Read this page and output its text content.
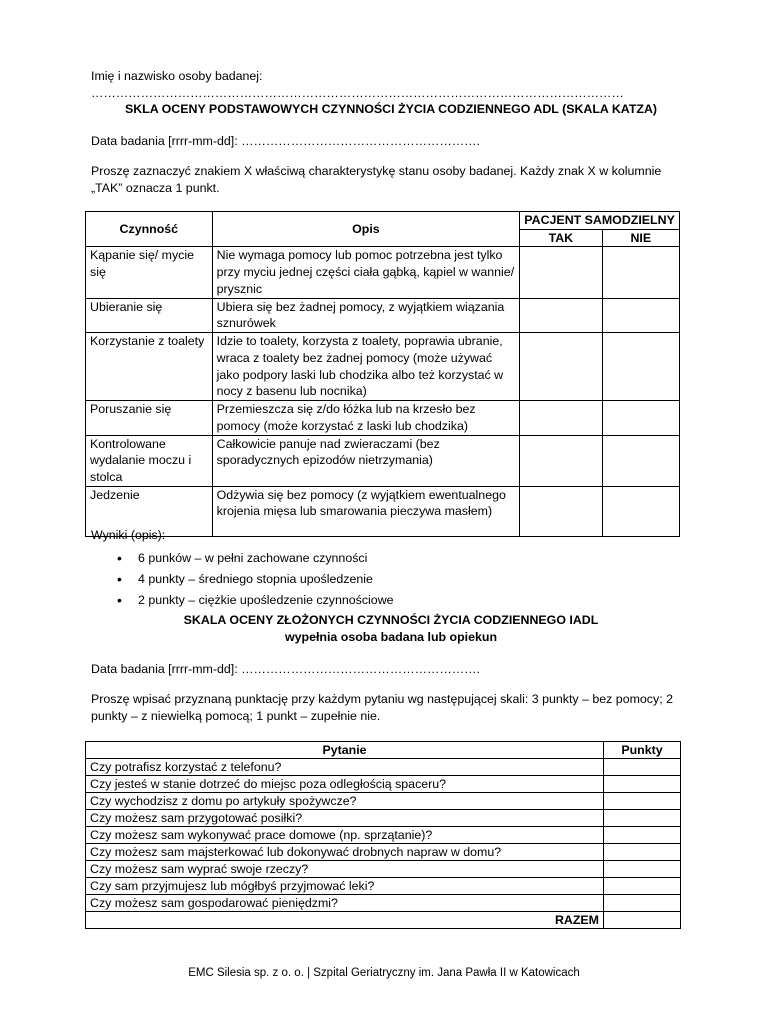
Imię i nazwisko osoby badanej: …………………………………………………………………………………………………………………

SKLA OCENY PODSTAWOWYCH CZYNNOŚCI ŻYCIA CODZIENNEGO ADL (SKALA KATZA)

Data badania [rrrr-mm-dd]: ………………………………………………….

Proszę zaznaczyć znakiem X właściwą charakterystykę stanu osoby badanej. Każdy znak X w kolumnie „TAK” oznacza 1 punkt.

Czynność	Opis	PACJENT SAMODZIELNY	
		TAK	NIE
Kąpanie się/ mycie się	Nie wymaga pomocy lub pomoc potrzebna jest tylko przy myciu jednej części ciała gąbką, kąpiel w wannie/ prysznic		
Ubieranie się	Ubiera się bez żadnej pomocy, z wyjątkiem wiązania sznurówek		
Korzystanie z toalety	Idzie to toalety, korzysta z toalety, poprawia ubranie, wraca z toalety bez żadnej pomocy (może używać jako podpory laski lub chodzika albo też korzystać w nocy z basenu lub nocnika)		
Poruszanie się	Przemieszcza się z/do łóżka lub na krzesło bez pomocy (może korzystać z laski lub chodzika)		
Kontrolowane wydalanie moczu i stolca	Całkowicie panuje nad zwieraczami (bez sporadycznych epizodów nietrzymania)		
Jedzenie	Odżywia się bez pomocy (z wyjątkiem ewentualnego krojenia mięsa lub smarowania pieczywa masłem)		

Wyniki (opis):

• 6 punków – w pełni zachowane czynności
• 4 punkty – średniego stopnia upośledzenie
• 2 punkty – ciężkie upośledzenie czynnościowe

SKALA OCENY ZŁOŻONYCH CZYNNOŚCI ŻYCIA CODZIENNEGO IADL
wypełnia osoba badana lub opiekun

Data badania [rrrr-mm-dd]: ………………………………………………….

Proszę wpisać przyznaną punktację przy każdym pytaniu wg następującej skali: 3 punkty – bez pomocy; 2 punkty – z niewielką pomocą; 1 punkt – zupełnie nie.

Pytanie	Punkty
Czy potrafisz korzystać z telefonu?	
Czy jesteś w stanie dotrzeć do miejsc poza odległością spaceru?	
Czy wychodzisz z domu po artykuły spożywcze?	
Czy możesz sam przygotować posiłki?	
Czy możesz sam wykonywać prace domowe (np. sprzątanie)?	
Czy możesz sam majsterkować lub dokonywać drobnych napraw w domu?	
Czy możesz sam wyprać swoje rzeczy?	
Czy sam przyjmujesz lub mógłbyś przyjmować leki?	
Czy możesz sam gospodarować pieniędzmi?	
RAZEM	
EMC Silesia sp. z o. o. | Szpital Geriatryczny im. Jana Pawła II w Katowicach
